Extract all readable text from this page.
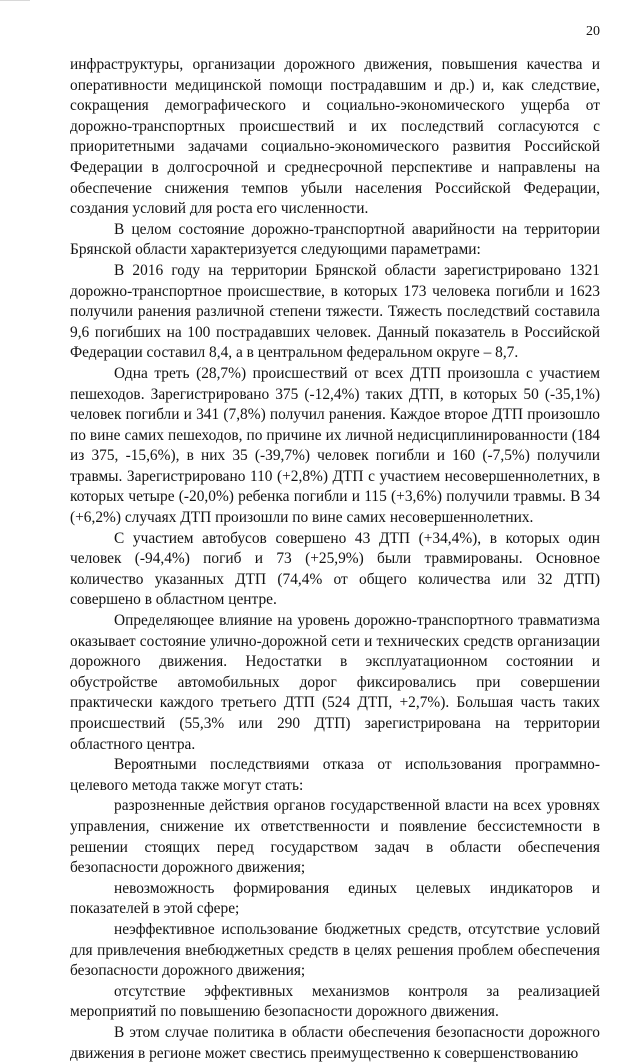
20

инфраструктуры, организации дорожного движения, повышения качества и оперативности медицинской помощи пострадавшим и др.) и, как следствие, сокращения демографического и социально-экономического ущерба от дорожно-транспортных происшествий и их последствий согласуются с приоритетными задачами социально-экономического развития Российской Федерации в долгосрочной и среднесрочной перспективе и направлены на обеспечение снижения темпов убыли населения Российской Федерации, создания условий для роста его численности.

В целом состояние дорожно-транспортной аварийности на территории Брянской области характеризуется следующими параметрами:

В 2016 году на территории Брянской области зарегистрировано 1321 дорожно-транспортное происшествие, в которых 173 человека погибли и 1623 получили ранения различной степени тяжести. Тяжесть последствий составила 9,6 погибших на 100 пострадавших человек. Данный показатель в Российской Федерации составил 8,4, а в центральном федеральном округе – 8,7.

Одна треть (28,7%) происшествий от всех ДТП произошла с участием пешеходов. Зарегистрировано 375 (-12,4%) таких ДТП, в которых 50 (-35,1%) человек погибли и 341 (7,8%) получил ранения. Каждое второе ДТП произошло по вине самих пешеходов, по причине их личной недисциплинированности (184 из 375, -15,6%), в них 35 (-39,7%) человек погибли и 160 (-7,5%) получили травмы. Зарегистрировано 110 (+2,8%) ДТП с участием несовершеннолетних, в которых четыре (-20,0%) ребенка погибли и 115 (+3,6%) получили травмы. В 34 (+6,2%) случаях ДТП произошли по вине самих несовершеннолетних.

С участием автобусов совершено 43 ДТП (+34,4%), в которых один человек (-94,4%) погиб и 73 (+25,9%) были травмированы. Основное количество указанных ДТП (74,4% от общего количества или 32 ДТП) совершено в областном центре.

Определяющее влияние на уровень дорожно-транспортного травматизма оказывает состояние улично-дорожной сети и технических средств организации дорожного движения. Недостатки в эксплуатационном состоянии и обустройстве автомобильных дорог фиксировались при совершении практически каждого третьего ДТП (524 ДТП, +2,7%). Большая часть таких происшествий (55,3% или 290 ДТП) зарегистрирована на территории областного центра.

Вероятными последствиями отказа от использования программно-целевого метода также могут стать:

разрозненные действия органов государственной власти на всех уровнях управления, снижение их ответственности и появление бессистемности в решении стоящих перед государством задач в области обеспечения безопасности дорожного движения;

невозможность формирования единых целевых индикаторов и показателей в этой сфере;

неэффективное использование бюджетных средств, отсутствие условий для привлечения внебюджетных средств в целях решения проблем обеспечения безопасности дорожного движения;

отсутствие эффективных механизмов контроля за реализацией мероприятий по повышению безопасности дорожного движения.

В этом случае политика в области обеспечения безопасности дорожного движения в регионе может свестись преимущественно к совершенствованию
